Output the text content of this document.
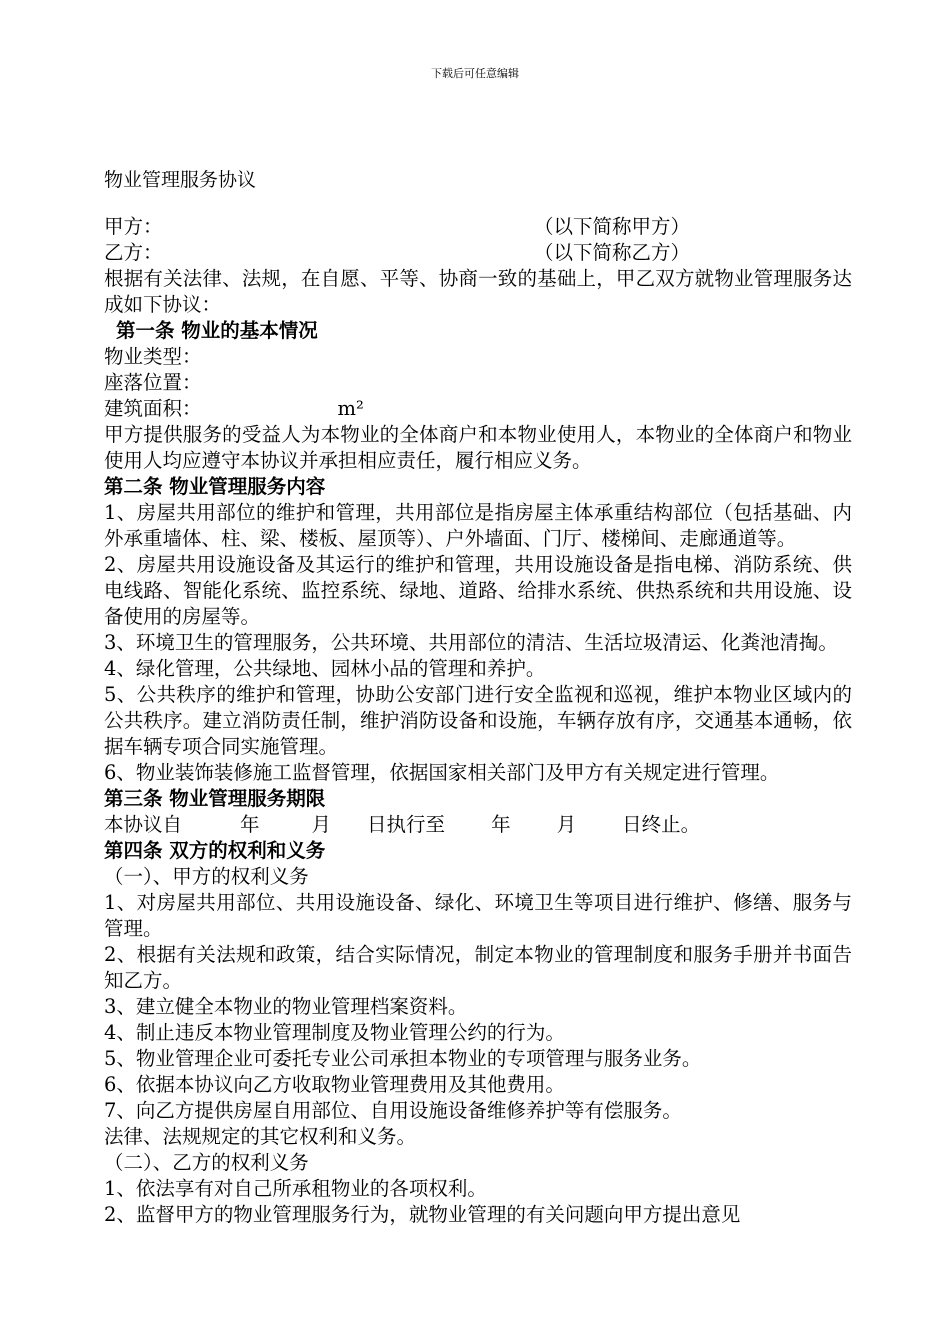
下载后可任意编辑
物业管理服务协议
甲方：	（以下简称甲方）
乙方：	（以下简称乙方）
根据有关法律、法规，在自愿、平等、协商一致的基础上，甲乙双方就物业管理服务达成如下协议：
第一条 物业的基本情况
物业类型：
座落位置：
建筑面积：	m²
甲方提供服务的受益人为本物业的全体商户和本物业使用人，本物业的全体商户和物业使用人均应遵守本协议并承担相应责任，履行相应义务。
第二条 物业管理服务内容
1、房屋共用部位的维护和管理，共用部位是指房屋主体承重结构部位（包括基础、内外承重墙体、柱、梁、楼板、屋顶等）、户外墙面、门厅、楼梯间、走廊通道等。
2、房屋共用设施设备及其运行的维护和管理，共用设施设备是指电梯、消防系统、供电线路、智能化系统、监控系统、绿地、道路、给排水系统、供热系统和共用设施、设备使用的房屋等。
3、环境卫生的管理服务，公共环境、共用部位的清洁、生活垃圾清运、化粪池清掏。
4、绿化管理，公共绿地、园林小品的管理和养护。
5、公共秩序的维护和管理，协助公安部门进行安全监视和巡视，维护本物业区域内的公共秩序。建立消防责任制，维护消防设备和设施，车辆存放有序，交通基本通畅，依据车辆专项合同实施管理。
6、物业装饰装修施工监督管理，依据国家相关部门及甲方有关规定进行管理。
第三条 物业管理服务期限
本协议自	年	月 日执行至 年 月 日终止。
第四条 双方的权利和义务
（一）、甲方的权利义务
1、对房屋共用部位、共用设施设备、绿化、环境卫生等项目进行维护、修缮、服务与管理。
2、根据有关法规和政策，结合实际情况，制定本物业的管理制度和服务手册并书面告知乙方。
3、建立健全本物业的物业管理档案资料。
4、制止违反本物业管理制度及物业管理公约的行为。
5、物业管理企业可委托专业公司承担本物业的专项管理与服务业务。
6、依据本协议向乙方收取物业管理费用及其他费用。
7、向乙方提供房屋自用部位、自用设施设备维修养护等有偿服务。
法律、法规规定的其它权利和义务。
（二）、乙方的权利义务
1、依法享有对自己所承租物业的各项权利。
2、监督甲方的物业管理服务行为，就物业管理的有关问题向甲方提出意见
